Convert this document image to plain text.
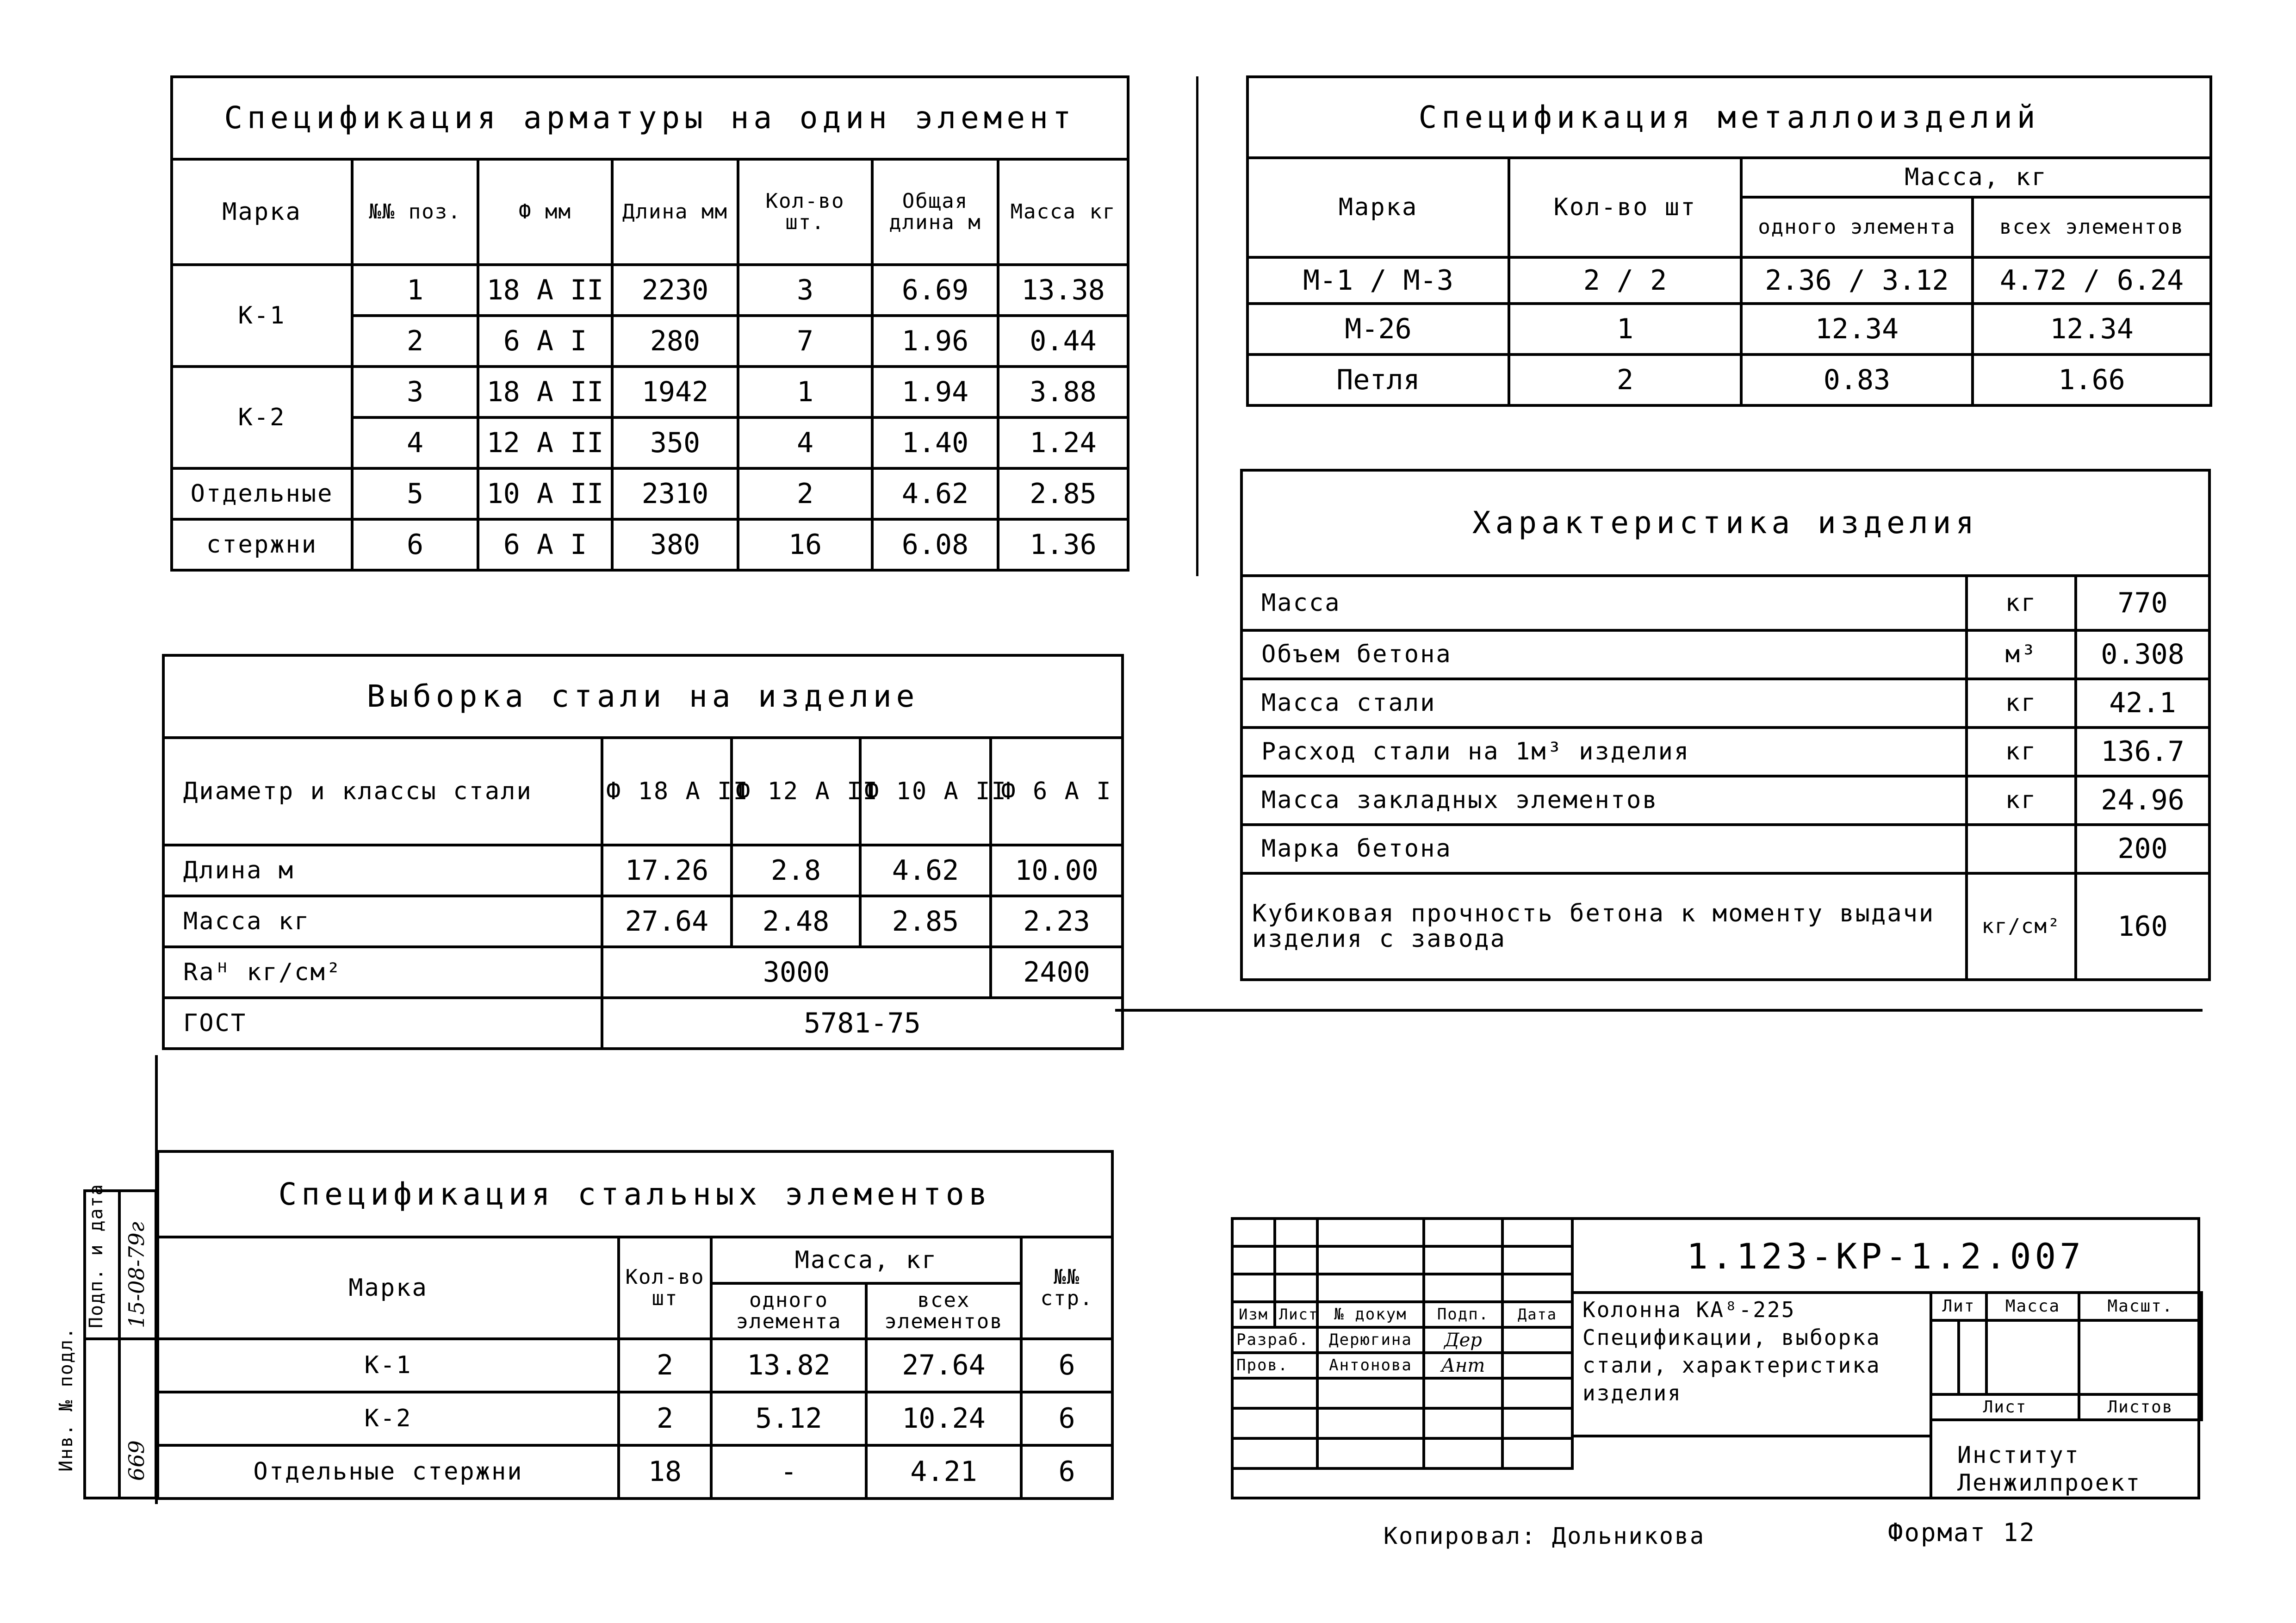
Спецификация арматуры на один элемент						
Марка	№№ поз.	Ф мм	Длина мм	Кол-во шт.	Общая длина м	Масса кг
К-1	1	18 А II	2230	3	6.69	13.38
	2	6 А I	280	7	1.96	0.44
К-2	3	18 А II	1942	1	1.94	3.88
	4	12 А II	350	4	1.40	1.24
Отдельные	5	10 А II	2310	2	4.62	2.85
стержни	6	6 А I	380	16	6.08	1.36
Выборка стали на изделие				
Диаметр и классы стали	Ф 18 А II	Ф 12 А II	Ф 10 А II	Ф 6 А I
Длина м	17.26	2.8	4.62	10.00
Масса кг	27.64	2.48	2.85	2.23
Rаᴴ кг/см²	3000			2400
ГОСТ	5781-75			
Спецификация стальных элементов				
Марка	Кол-во шт	Масса, кг		№№ стр.
		одного элемента	всех элементов	
К-1	2	13.82	27.64	6
К-2	2	5.12	10.24	6
Отдельные стержни	18	-	4.21	6
Спецификация металлоизделий			
Марка	Кол-во шт	Масса, кг	
		одного элемента	всех элементов
М-1 / М-3	2 / 2	2.36 / 3.12	4.72 / 6.24
М-26	1	12.34	12.34
Петля	2	0.83	1.66
Характеристика изделия		
Масса	кг	770
Объем бетона	м³	0.308
Масса стали	кг	42.1
Расход стали на 1м³ изделия	кг	136.7
Масса закладных элементов	кг	24.96
Марка бетона		200
Кубиковая прочность бетона к моменту выдачи изделия с завода	кг/см²	160

Изм	Лист	№ докум	Подп.	Дата
Разраб.		Дерюгина	Дер	
Пров.		Антонова	Ант	

1.123-КР-1.2.007
Колонна КА⁸-225 Спецификации, выборка стали, характеристика изделия
Лит		Масса	Масшт.

Лист			Листов
Институт
Ленжилпроект
Инв. № подл.
Подп. и дата
669
15-08-79г
Копировал: Дольникова	Формат 12
